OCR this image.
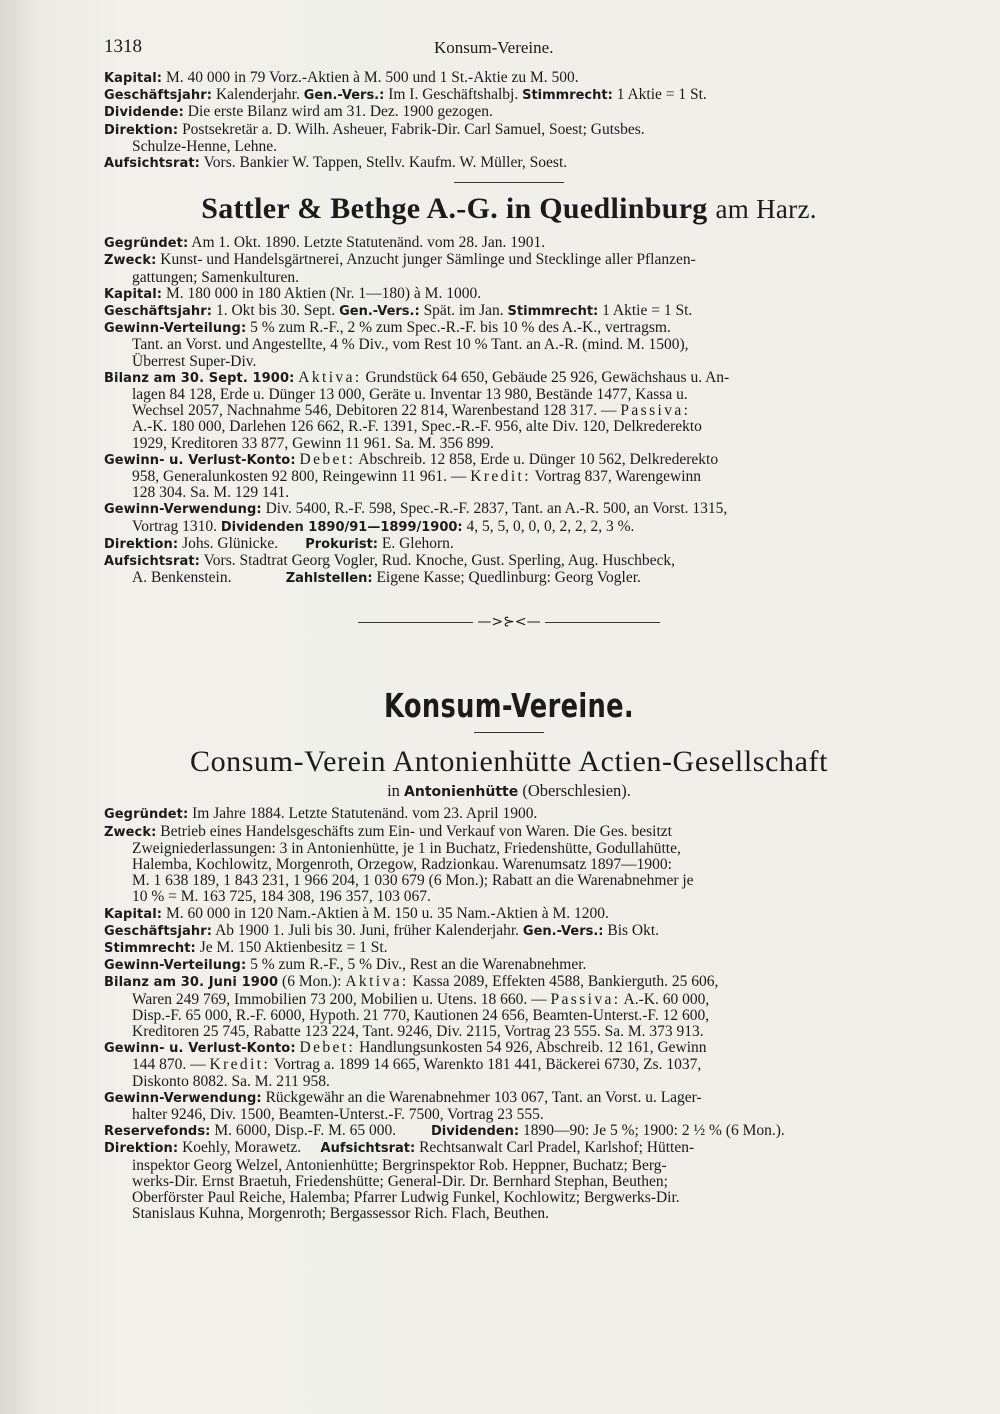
1318	Konsum-Vereine.

Kapital: M. 40 000 in 79 Vorz.-Aktien à M. 500 und 1 St.-Aktie zu M. 500.

Geschäftsjahr: Kalenderjahr. Gen.-Vers.: Im I. Geschäftshalbj. Stimmrecht: 1 Aktie = 1 St.

Dividende: Die erste Bilanz wird am 31. Dez. 1900 gezogen.

Direktion: Postsekretär a. D. Wilh. Asheuer, Fabrik-Dir. Carl Samuel, Soest; Gutsbes.
Schulze-Henne, Lehne.

Aufsichtsrat: Vors. Bankier W. Tappen, Stellv. Kaufm. W. Müller, Soest.

Sattler & Bethge A.-G. in Quedlinburg am Harz.

Gegründet: Am 1. Okt. 1890. Letzte Statutenänd. vom 28. Jan. 1901.

Zweck: Kunst- und Handelsgärtnerei, Anzucht junger Sämlinge und Stecklinge aller Pflanzen-
gattungen; Samenkulturen.

Kapital: M. 180 000 in 180 Aktien (Nr. 1—180) à M. 1000.

Geschäftsjahr: 1. Okt bis 30. Sept. Gen.-Vers.: Spät. im Jan. Stimmrecht: 1 Aktie = 1 St.

Gewinn-Verteilung: 5 % zum R.-F., 2 % zum Spec.-R.-F. bis 10 % des A.-K., vertragsm.
Tant. an Vorst. und Angestellte, 4 % Div., vom Rest 10 % Tant. an A.-R. (mind. M. 1500),
Überrest Super-Div.

Bilanz am 30. Sept. 1900: Aktiva: Grundstück 64 650, Gebäude 25 926, Gewächshaus u. An-
lagen 84 128, Erde u. Dünger 13 000, Geräte u. Inventar 13 980, Bestände 1477, Kassa u.
Wechsel 2057, Nachnahme 546, Debitoren 22 814, Warenbestand 128 317. — Passiva:
A.-K. 180 000, Darlehen 126 662, R.-F. 1391, Spec.-R.-F. 956, alte Div. 120, Delkrederekto
1929, Kreditoren 33 877, Gewinn 11 961. Sa. M. 356 899.

Gewinn- u. Verlust-Konto: Debet: Abschreib. 12 858, Erde u. Dünger 10 562, Delkrederekto
958, Generalunkosten 92 800, Reingewinn 11 961. — Kredit: Vortrag 837, Warengewinn
128 304. Sa. M. 129 141.

Gewinn-Verwendung: Div. 5400, R.-F. 598, Spec.-R.-F. 2837, Tant. an A.-R. 500, an Vorst. 1315,
Vortrag 1310. Dividenden 1890/91—1899/1900: 4, 5, 5, 0, 0, 0, 2, 2, 2, 3 %.

Direktion: Johs. Glünicke. Prokurist: E. Glehorn.

Aufsichtsrat: Vors. Stadtrat Georg Vogler, Rud. Knoche, Gust. Sperling, Aug. Huschbeck,
A. Benkenstein.	Zahlstellen: Eigene Kasse; Quedlinburg: Georg Vogler.

—>⊱<—
Konsum-Vereine.
Consum-Verein Antonienhütte Actien-Gesellschaft
in Antonienhütte (Oberschlesien).

Gegründet: Im Jahre 1884. Letzte Statutenänd. vom 23. April 1900.

Zweck: Betrieb eines Handelsgeschäfts zum Ein- und Verkauf von Waren. Die Ges. besitzt
Zweigniederlassungen: 3 in Antonienhütte, je 1 in Buchatz, Friedenshütte, Godullahütte,
Halemba, Kochlowitz, Morgenroth, Orzegow, Radzionkau. Warenumsatz 1897—1900:
M. 1 638 189, 1 843 231, 1 966 204, 1 030 679 (6 Mon.); Rabatt an die Warenabnehmer je
10 % = M. 163 725, 184 308, 196 357, 103 067.

Kapital: M. 60 000 in 120 Nam.-Aktien à M. 150 u. 35 Nam.-Aktien à M. 1200.

Geschäftsjahr: Ab 1900 1. Juli bis 30. Juni, früher Kalenderjahr. Gen.-Vers.: Bis Okt.

Stimmrecht: Je M. 150 Aktienbesitz = 1 St.

Gewinn-Verteilung: 5 % zum R.-F., 5 % Div., Rest an die Warenabnehmer.

Bilanz am 30. Juni 1900 (6 Mon.): Aktiva: Kassa 2089, Effekten 4588, Bankierguth. 25 606,
Waren 249 769, Immobilien 73 200, Mobilien u. Utens. 18 660. — Passiva: A.-K. 60 000,
Disp.-F. 65 000, R.-F. 6000, Hypoth. 21 770, Kautionen 24 656, Beamten-Unterst.-F. 12 600,
Kreditoren 25 745, Rabatte 123 224, Tant. 9246, Div. 2115, Vortrag 23 555. Sa. M. 373 913.

Gewinn- u. Verlust-Konto: Debet: Handlungsunkosten 54 926, Abschreib. 12 161, Gewinn
144 870. — Kredit: Vortrag a. 1899 14 665, Warenkto 181 441, Bäckerei 6730, Zs. 1037,
Diskonto 8082. Sa. M. 211 958.

Gewinn-Verwendung: Rückgewähr an die Warenabnehmer 103 067, Tant. an Vorst. u. Lager-
halter 9246, Div. 1500, Beamten-Unterst.-F. 7500, Vortrag 23 555.

Reservefonds: M. 6000, Disp.-F. M. 65 000.	Dividenden: 1890—90: Je 5 %; 1900: 2 ½ % (6 Mon.).

Direktion: Koehly, Morawetz. Aufsichtsrat: Rechtsanwalt Carl Pradel, Karlshof; Hütten-
inspektor Georg Welzel, Antonienhütte; Bergrinspektor Rob. Heppner, Buchatz; Berg-
werks-Dir. Ernst Braetuh, Friedenshütte; General-Dir. Dr. Bernhard Stephan, Beuthen;
Oberförster Paul Reiche, Halemba; Pfarrer Ludwig Funkel, Kochlowitz; Bergwerks-Dir.
Stanislaus Kuhna, Morgenroth; Bergassessor Rich. Flach, Beuthen.
